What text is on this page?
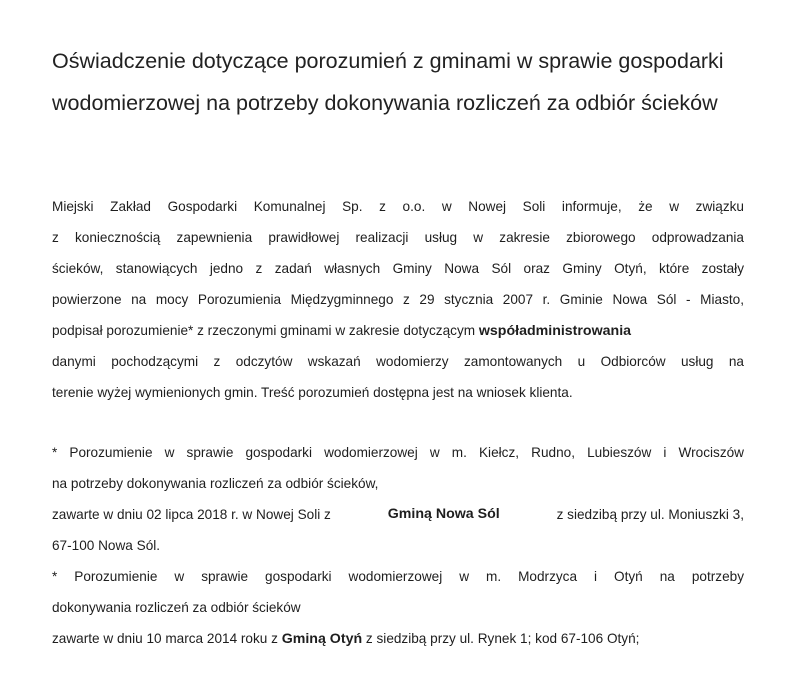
Oświadczenie dotyczące porozumień z gminami w sprawie gospodarki
wodomierzowej na potrzeby dokonywania rozliczeń za odbiór ścieków
Miejski Zakład Gospodarki Komunalnej Sp. z o.o. w Nowej Soli informuje, że w związku
z koniecznością zapewnienia prawidłowej realizacji usług w zakresie zbiorowego odprowadzania
ścieków, stanowiących jedno z zadań własnych Gminy Nowa Sól oraz Gminy Otyń, które zostały
powierzone na mocy Porozumienia Międzygminnego z 29 stycznia 2007 r. Gminie Nowa Sól - Miasto,
podpisał porozumienie* z rzeczonymi gminami w zakresie dotyczącym współadministrowania
danymi pochodzącymi z odczytów wskazań wodomierzy zamontowanych u Odbiorców usług na
terenie wyżej wymienionych gmin. Treść porozumień dostępna jest na wniosek klienta.
* Porozumienie w sprawie gospodarki wodomierzowej w m. Kiełcz, Rudno, Lubieszów i Wrociszów
na potrzeby dokonywania rozliczeń za odbiór ścieków,
zawarte w dniu 02 lipca 2018 r. w Nowej Soli z	Gminą Nowa Sól	z siedzibą przy ul. Moniuszki 3,
67-100 Nowa Sól.
* Porozumienie w sprawie gospodarki wodomierzowej w m. Modrzyca i Otyń na potrzeby
dokonywania rozliczeń za odbiór ścieków
zawarte w dniu 10 marca 2014 roku z Gminą Otyń z siedzibą przy ul. Rynek 1; kod 67-106 Otyń;
